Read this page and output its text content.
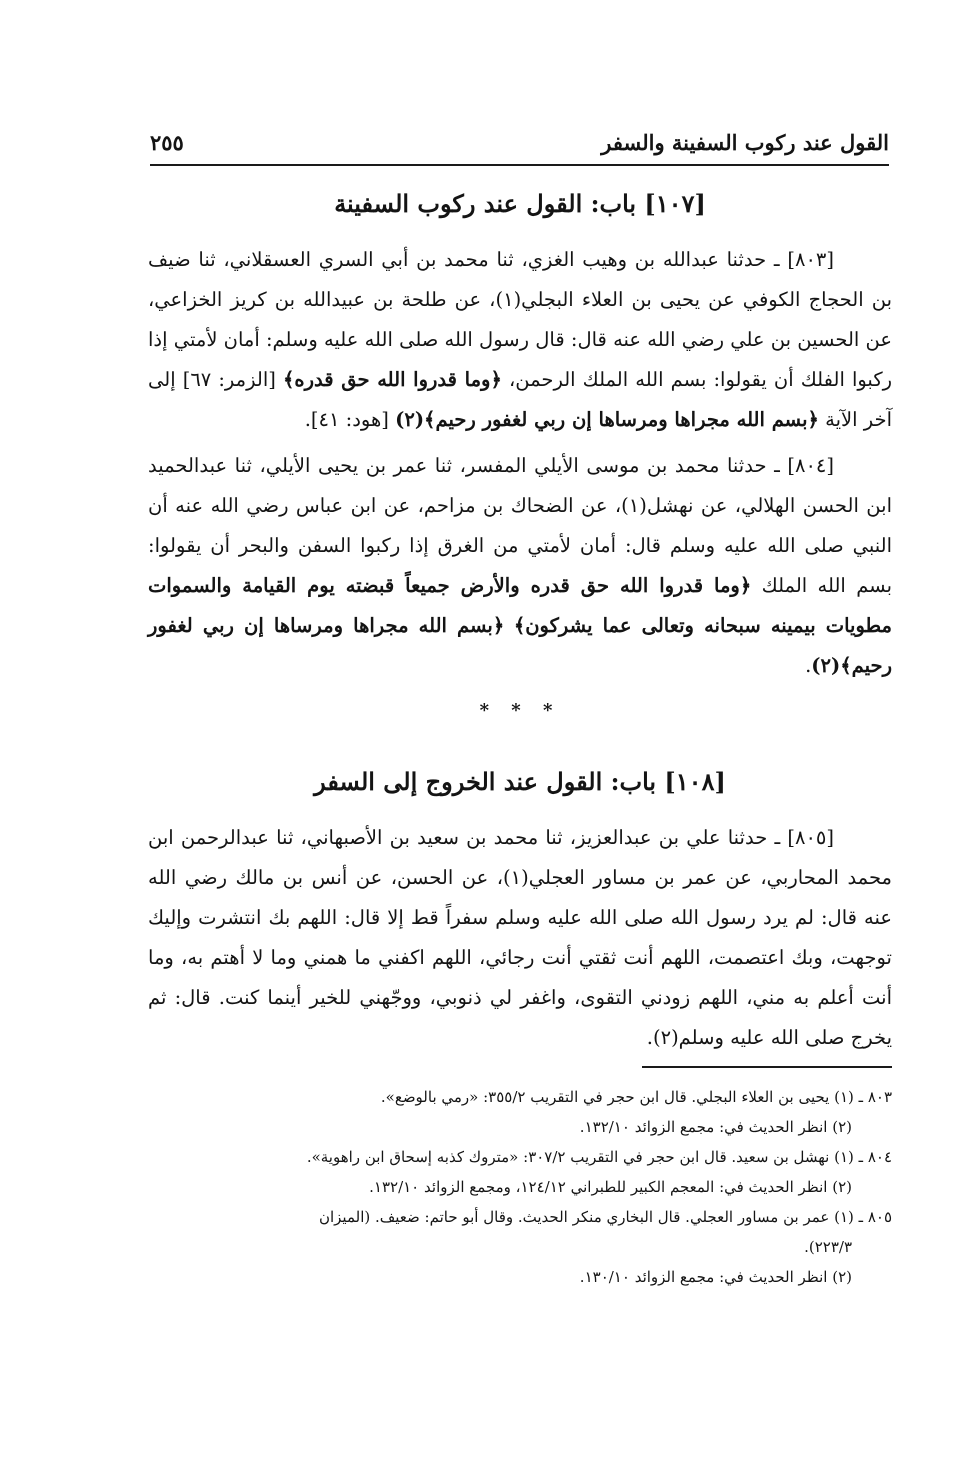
القول عند ركوب السفينة والسفر
٢٥٥
[١٠٧] باب: القول عند ركوب السفينة

[٨٠٣] ـ حدثنا عبدالله بن وهيب الغزي، ثنا محمد بن أبي السري العسقلاني، ثنا ضيف بن الحجاج الكوفي عن يحيى بن العلاء البجلي(١)، عن طلحة بن عبيدالله بن كريز الخزاعي، عن الحسين بن علي رضي الله عنه قال: قال رسول الله صلى الله عليه وسلم: أمان لأمتي إذا ركبوا الفلك أن يقولوا: بسم الله الملك الرحمن، ﴿وما قدروا الله حق قدره﴾ [الزمر: ٦٧] إلى آخر الآية ﴿بسم الله مجراها ومرساها إن ربي لغفور رحيم﴾(٢) [هود: ٤١].

[٨٠٤] ـ حدثنا محمد بن موسى الأيلي المفسر، ثنا عمر بن يحيى الأيلي، ثنا عبدالحميد ابن الحسن الهلالي، عن نهشل(١)، عن الضحاك بن مزاحم، عن ابن عباس رضي الله عنه أن النبي صلى الله عليه وسلم قال: أمان لأمتي من الغرق إذا ركبوا السفن والبحر أن يقولوا: بسم الله الملك ﴿وما قدروا الله حق قدره والأرض جميعاً قبضته يوم القيامة والسموات مطويات بيمينه سبحانه وتعالى عما يشركون﴾ ﴿بسم الله مجراها ومرساها إن ربي لغفور رحيم﴾(٢).

* * *
[١٠٨] باب: القول عند الخروج إلى السفر

[٨٠٥] ـ حدثنا علي بن عبدالعزيز، ثنا محمد بن سعيد بن الأصبهاني، ثنا عبدالرحمن ابن محمد المحاربي، عن عمر بن مساور العجلي(١)، عن الحسن، عن أنس بن مالك رضي الله عنه قال: لم يرد رسول الله صلى الله عليه وسلم سفراً قط إلا قال: اللهم بك انتشرت وإليك توجهت، وبك اعتصمت، اللهم أنت ثقتي أنت رجائي، اللهم اكفني ما همني وما لا أهتم به، وما أنت أعلم به مني، اللهم زودني التقوى، واغفر لي ذنوبي، ووجّهني للخير أينما كنت. قال: ثم يخرج صلى الله عليه وسلم(٢).

٨٠٣ ـ (١) يحيى بن العلاء البجلي. قال ابن حجر في التقريب ٣٥٥/٢: «رمي بالوضع».
(٢) انظر الحديث في: مجمع الزوائد ١٣٢/١٠.
٨٠٤ ـ (١) نهشل بن سعيد. قال ابن حجر في التقريب ٣٠٧/٢: «متروك كذبه إسحاق ابن راهوية».
(٢) انظر الحديث في: المعجم الكبير للطبراني ١٢٤/١٢، ومجمع الزوائد ١٣٢/١٠.
٨٠٥ ـ (١) عمر بن مساور العجلي. قال البخاري منكر الحديث. وقال أبو حاتم: ضعيف. (الميزان
٢٢٣/٣).
(٢) انظر الحديث في: مجمع الزوائد ١٣٠/١٠.
